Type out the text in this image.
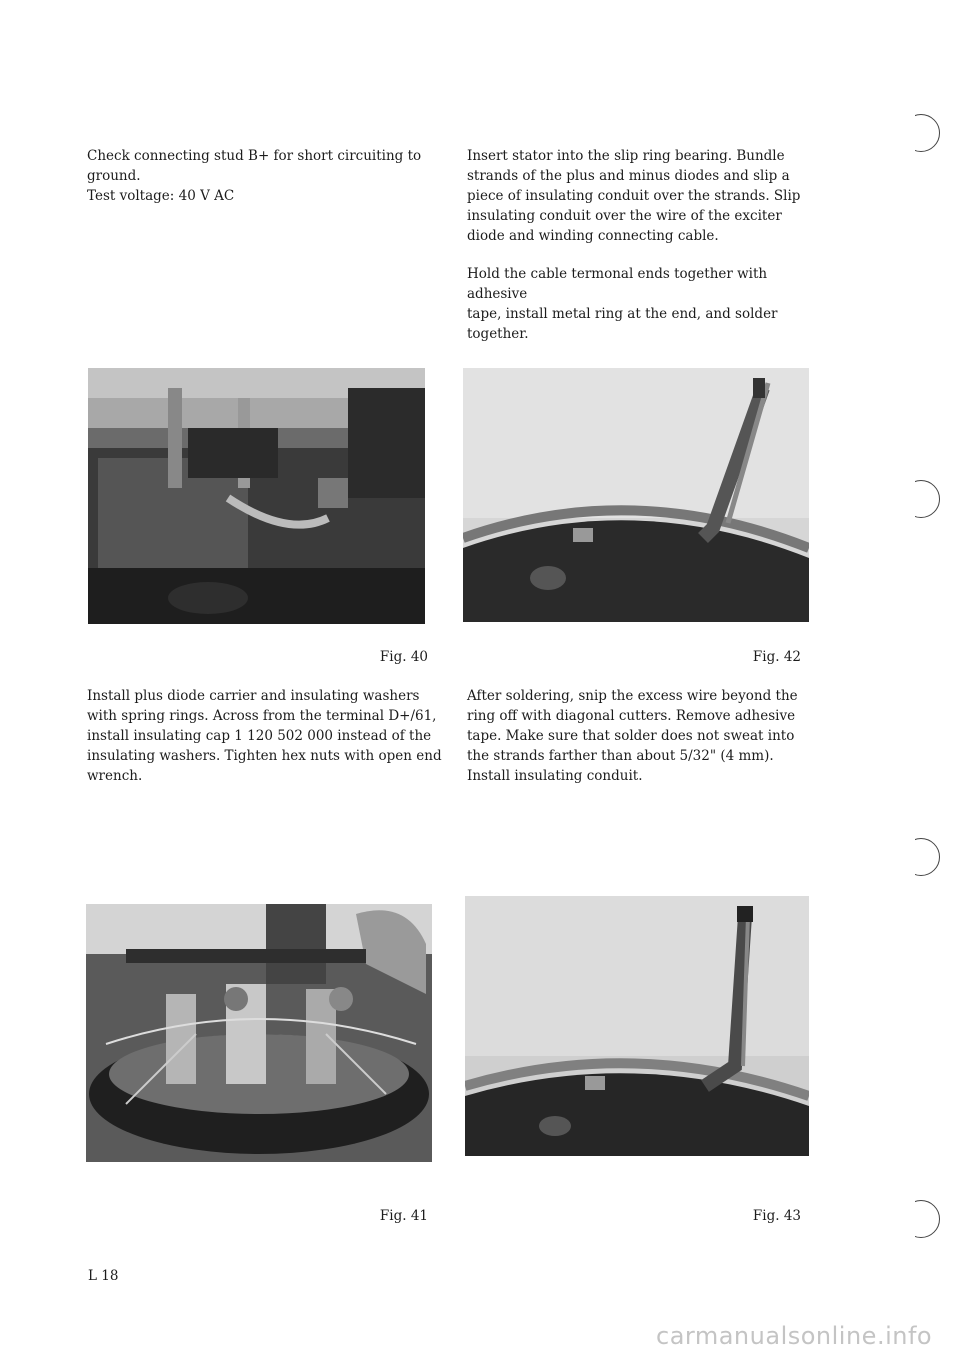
Check connecting stud B+ for short circuiting to
ground.
Test voltage: 40 V AC
Insert stator into the slip ring bearing. Bundle
strands of the plus and minus diodes and slip a
piece of insulating conduit over the strands. Slip
insulating conduit over the wire of the exciter
diode and winding connecting cable.
Hold the cable termonal ends together with adhesive
tape, install metal ring at the end, and solder
together.
Fig. 40	Fig. 42
Install plus diode carrier and insulating washers
with spring rings. Across from the terminal D+/61,
install insulating cap 1 120 502 000 instead of the
insulating washers. Tighten hex nuts with open end
wrench.
After soldering, snip the excess wire beyond the
ring off with diagonal cutters. Remove adhesive
tape. Make sure that solder does not sweat into
the strands farther than about 5/32" (4 mm).
Install insulating conduit.
Fig. 41	Fig. 43
L 18
carmanualsonline.info
